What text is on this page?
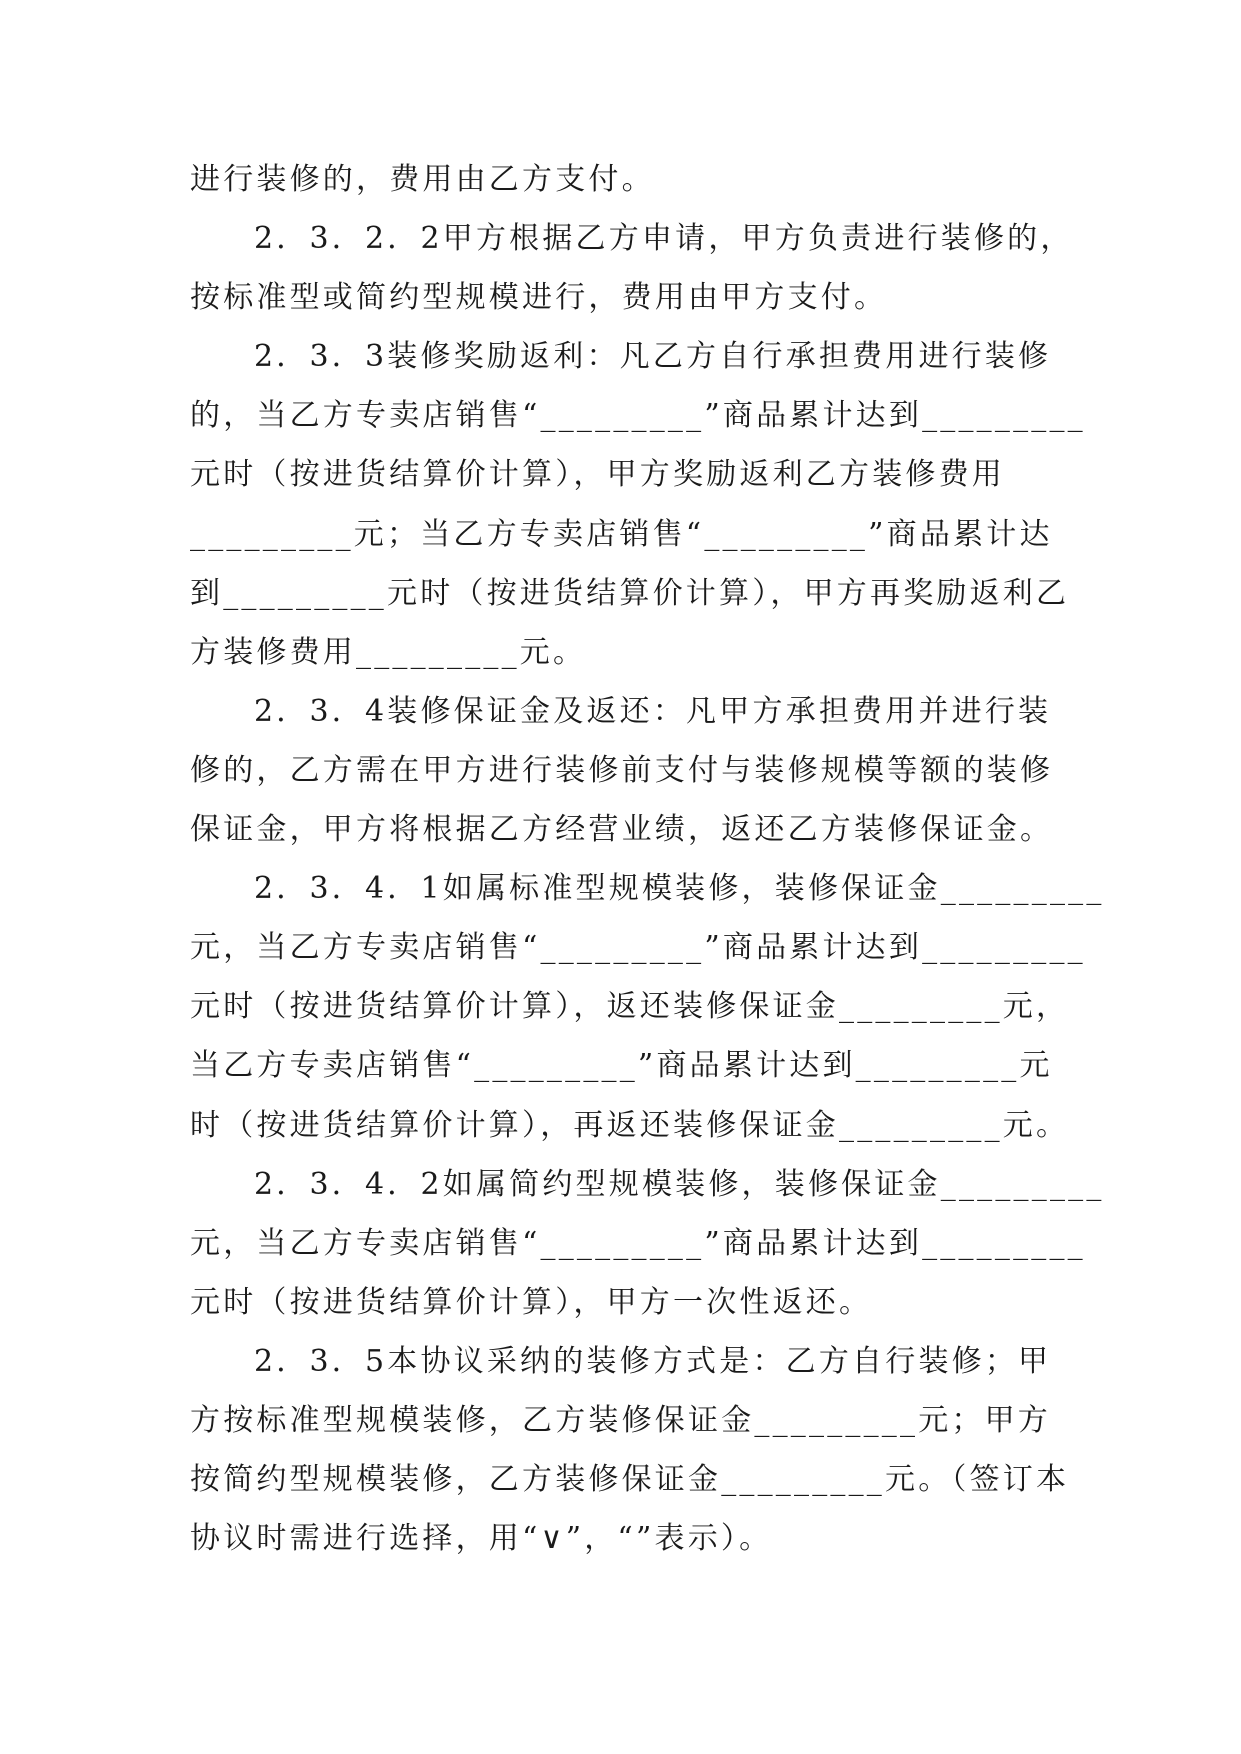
进行装修的，费用由乙方支付。
2．3．2．2甲方根据乙方申请，甲方负责进行装修的，
按标准型或简约型规模进行，费用由甲方支付。
2．3．3装修奖励返利：凡乙方自行承担费用进行装修
的，当乙方专卖店销售“_________”商品累计达到_________
元时（按进货结算价计算），甲方奖励返利乙方装修费用
_________元；当乙方专卖店销售“_________”商品累计达
到_________元时（按进货结算价计算），甲方再奖励返利乙
方装修费用_________元。
2．3．4装修保证金及返还：凡甲方承担费用并进行装
修的，乙方需在甲方进行装修前支付与装修规模等额的装修
保证金，甲方将根据乙方经营业绩，返还乙方装修保证金。
2．3．4．1如属标准型规模装修，装修保证金_________
元，当乙方专卖店销售“_________”商品累计达到_________
元时（按进货结算价计算），返还装修保证金_________元，
当乙方专卖店销售“_________”商品累计达到_________元
时（按进货结算价计算），再返还装修保证金_________元。
2．3．4．2如属简约型规模装修，装修保证金_________
元，当乙方专卖店销售“_________”商品累计达到_________
元时（按进货结算价计算），甲方一次性返还。
2．3．5本协议采纳的装修方式是：乙方自行装修；甲
方按标准型规模装修，乙方装修保证金_________元；甲方
按简约型规模装修，乙方装修保证金_________元。（签订本
协议时需进行选择，用“∨”，“”表示）。
